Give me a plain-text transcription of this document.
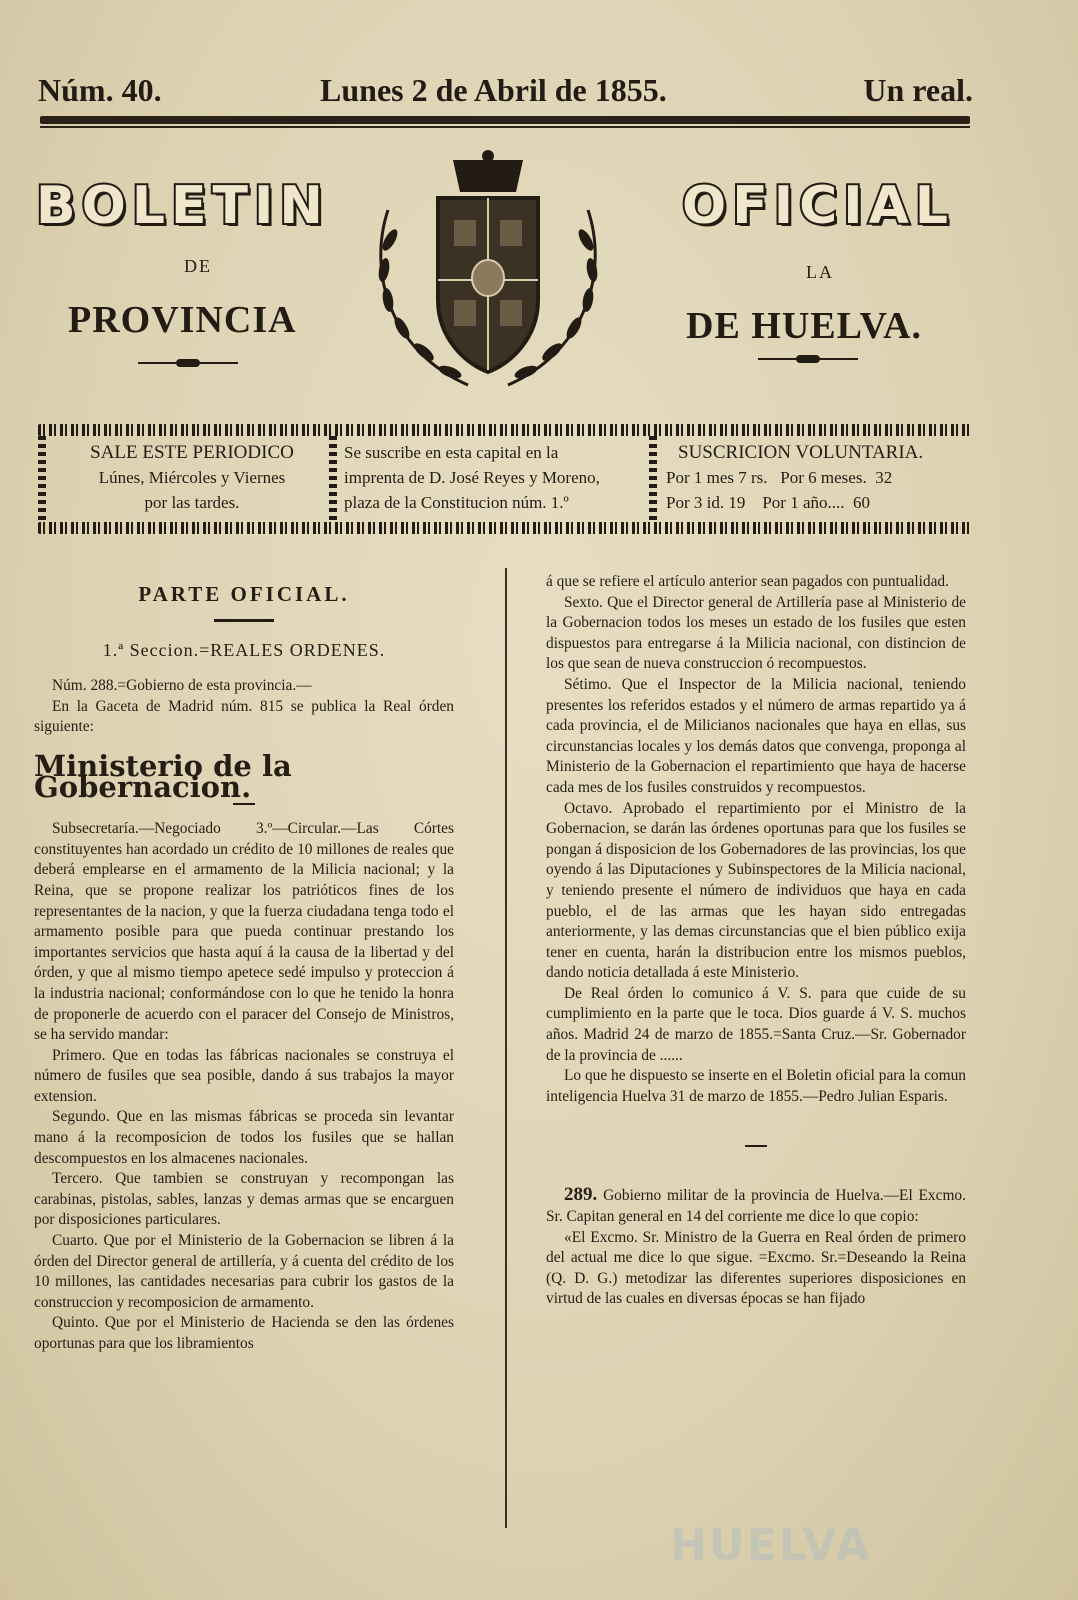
Núm. 40.	Lunes 2 de Abril de 1855.	Un real.
BOLETIN	OFICIAL
DE	LA
PROVINCIA	DE HUELVA.
SALE ESTE PERIODICO
Lúnes, Miércoles y Viernes
por las tardes.
Se suscribe en esta capital en la
imprenta de D. José Reyes y Moreno,
plaza de la Constitucion núm. 1.º
SUSCRICION VOLUNTARIA.
Por 1 mes 7 rs.   Por 6 meses.  32
Por 3 id. 19    Por 1 año....  60
PARTE OFICIAL.
1.ª Seccion.=REALES ORDENES.

Núm. 288.=Gobierno de esta provincia.—

En la Gaceta de Madrid núm. 815 se publica la Real órden siguiente:

Ministerio de la Gobernacion.

Subsecretaría.—Negociado 3.º—Circular.—Las Córtes constituyentes han acordado un crédito de 10 millones de reales que deberá emplearse en el armamento de la Milicia nacional; y la Reina, que se propone realizar los patrióticos fines de los representantes de la nacion, y que la fuerza ciudadana tenga todo el armamento posible para que pueda continuar prestando los importantes servicios que hasta aquí á la causa de la libertad y del órden, y que al mismo tiempo apetece sedé impulso y proteccion á la industria nacional; conformándose con lo que he tenido la honra de proponerle de acuerdo con el paracer del Consejo de Ministros, se ha servido mandar:

Primero. Que en todas las fábricas nacionales se construya el número de fusiles que sea posible, dando á sus trabajos la mayor extension.

Segundo. Que en las mismas fábricas se proceda sin levantar mano á la recomposicion de todos los fusiles que se hallan descompuestos en los almacenes nacionales.

Tercero. Que tambien se construyan y recompongan las carabinas, pistolas, sables, lanzas y demas armas que se encarguen por disposiciones particulares.

Cuarto. Que por el Ministerio de la Gobernacion se libren á la órden del Director general de artillería, y á cuenta del crédito de los 10 millones, las cantidades necesarias para cubrir los gastos de la construccion y recomposicion de armamento.

Quinto. Que por el Ministerio de Hacienda se den las órdenes oportunas para que los libramientos

á que se refiere el artículo anterior sean pagados con puntualidad.

Sexto. Que el Director general de Artillería pase al Ministerio de la Gobernacion todos los meses un estado de los fusiles que esten dispuestos para entregarse á la Milicia nacional, con distincion de los que sean de nueva construccion ó recompuestos.

Sétimo. Que el Inspector de la Milicia nacional, teniendo presentes los referidos estados y el número de armas repartido ya á cada provincia, el de Milicianos nacionales que haya en ellas, sus circunstancias locales y los demás datos que convenga, proponga al Ministerio de la Gobernacion el repartimiento que haya de hacerse cada mes de los fusiles construidos y recompuestos.

Octavo. Aprobado el repartimiento por el Ministro de la Gobernacion, se darán las órdenes oportunas para que los fusiles se pongan á disposicion de los Gobernadores de las provincias, los que oyendo á las Diputaciones y Subinspectores de la Milicia nacional, y teniendo presente el número de individuos que haya en cada pueblo, el de las armas que les hayan sido entregadas anteriormente, y las demas circunstancias que el bien público exija tener en cuenta, harán la distribucion entre los mismos pueblos, dando noticia detallada á este Ministerio.

De Real órden lo comunico á V. S. para que cuide de su cumplimiento en la parte que le toca. Dios guarde á V. S. muchos años. Madrid 24 de marzo de 1855.=Santa Cruz.—Sr. Gobernador de la provincia de ......

Lo que he dispuesto se inserte en el Boletin oficial para la comun inteligencia Huelva 31 de marzo de 1855.—Pedro Julian Esparis.

289. Gobierno militar de la provincia de Huelva.—El Excmo. Sr. Capitan general en 14 del corriente me dice lo que copio:

«El Excmo. Sr. Ministro de la Guerra en Real órden de primero del actual me dice lo que sigue. =Excmo. Sr.=Deseando la Reina (Q. D. G.) metodizar las diferentes superiores disposiciones en virtud de las cuales en diversas épocas se han fijado

HUELVA
